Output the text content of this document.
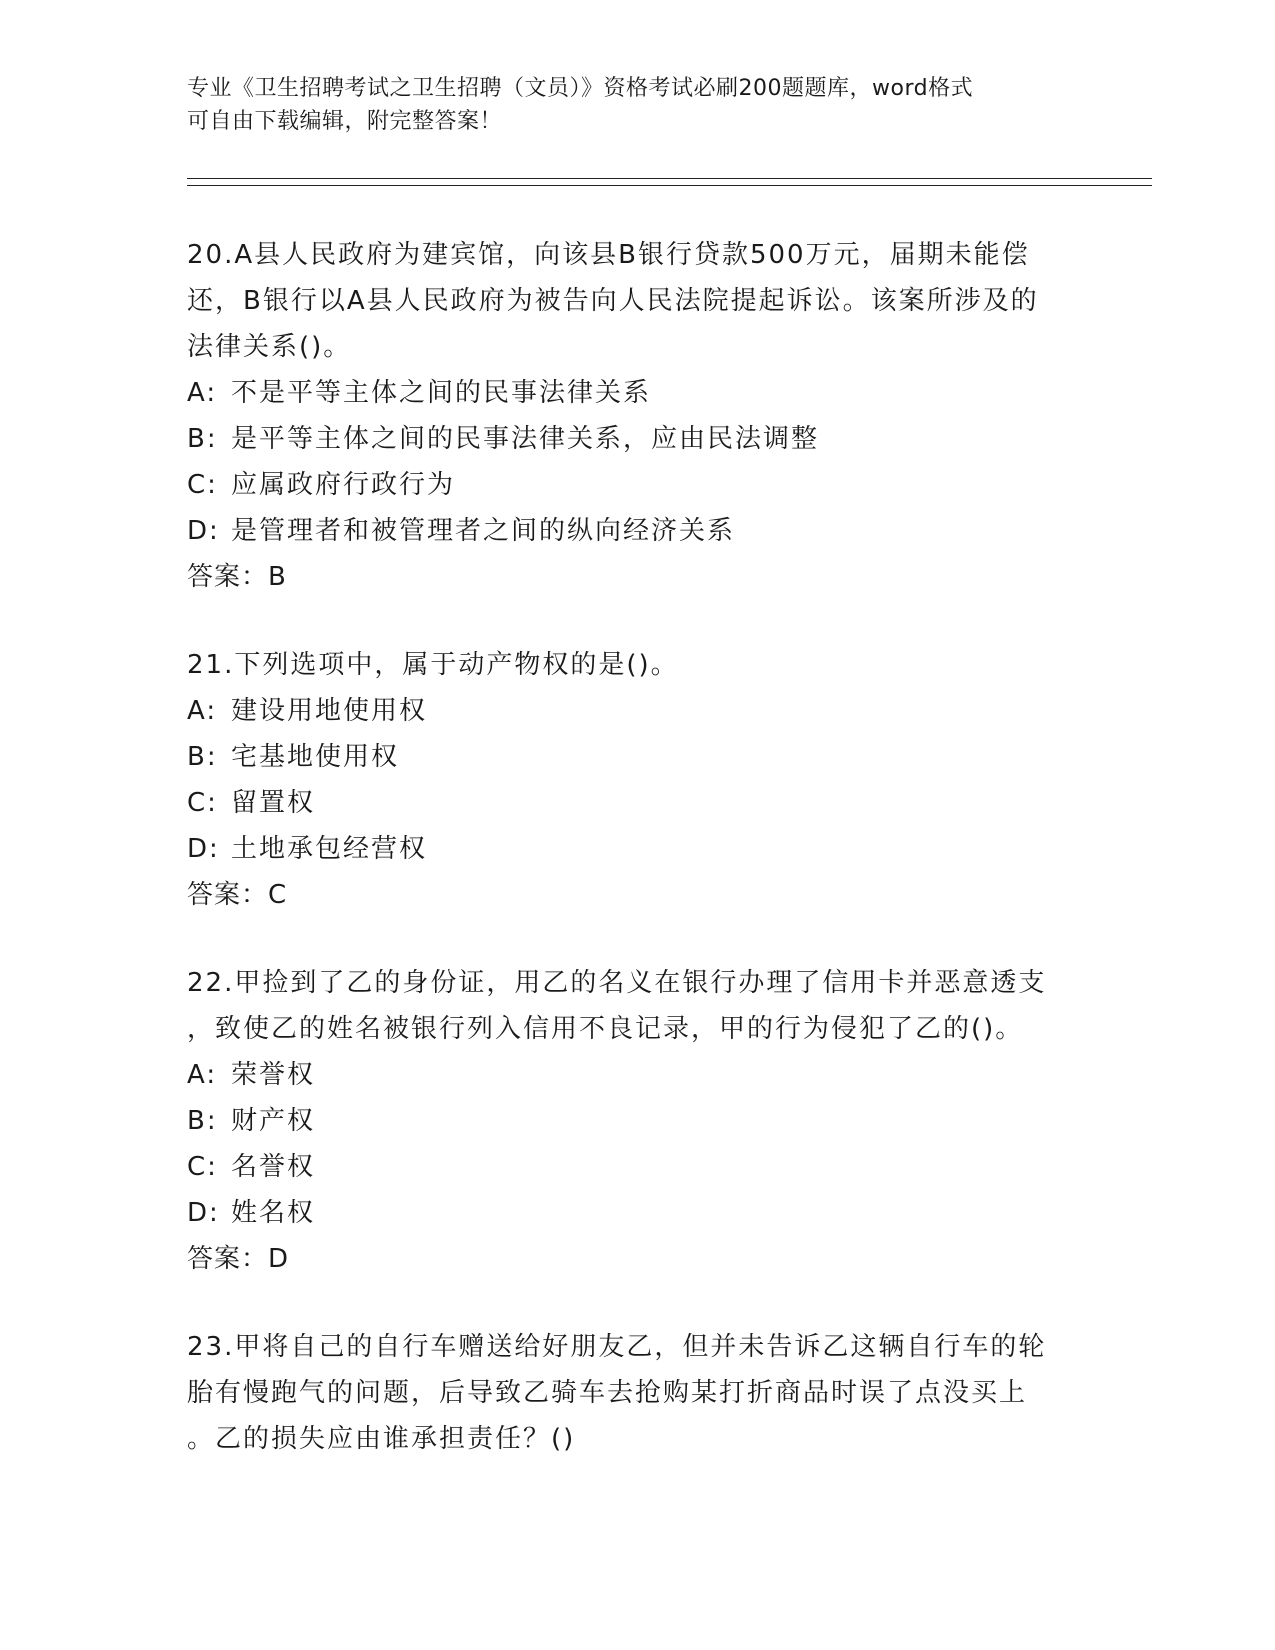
专业《卫生招聘考试之卫生招聘（文员）》资格考试必刷200题题库，word格式
可自由下载编辑，附完整答案！
20.A县人民政府为建宾馆，向该县B银行贷款500万元，届期未能偿
还，B银行以A县人民政府为被告向人民法院提起诉讼。该案所涉及的
法律关系()。
A: 不是平等主体之间的民事法律关系
B: 是平等主体之间的民事法律关系，应由民法调整
C: 应属政府行政行为
D: 是管理者和被管理者之间的纵向经济关系
答案：B
21.下列选项中，属于动产物权的是()。
A: 建设用地使用权
B: 宅基地使用权
C: 留置权
D: 土地承包经营权
答案：C
22.甲捡到了乙的身份证，用乙的名义在银行办理了信用卡并恶意透支
，致使乙的姓名被银行列入信用不良记录，甲的行为侵犯了乙的()。
A: 荣誉权
B: 财产权
C: 名誉权
D: 姓名权
答案：D
23.甲将自己的自行车赠送给好朋友乙，但并未告诉乙这辆自行车的轮
胎有慢跑气的问题，后导致乙骑车去抢购某打折商品时误了点没买上
。乙的损失应由谁承担责任？()
